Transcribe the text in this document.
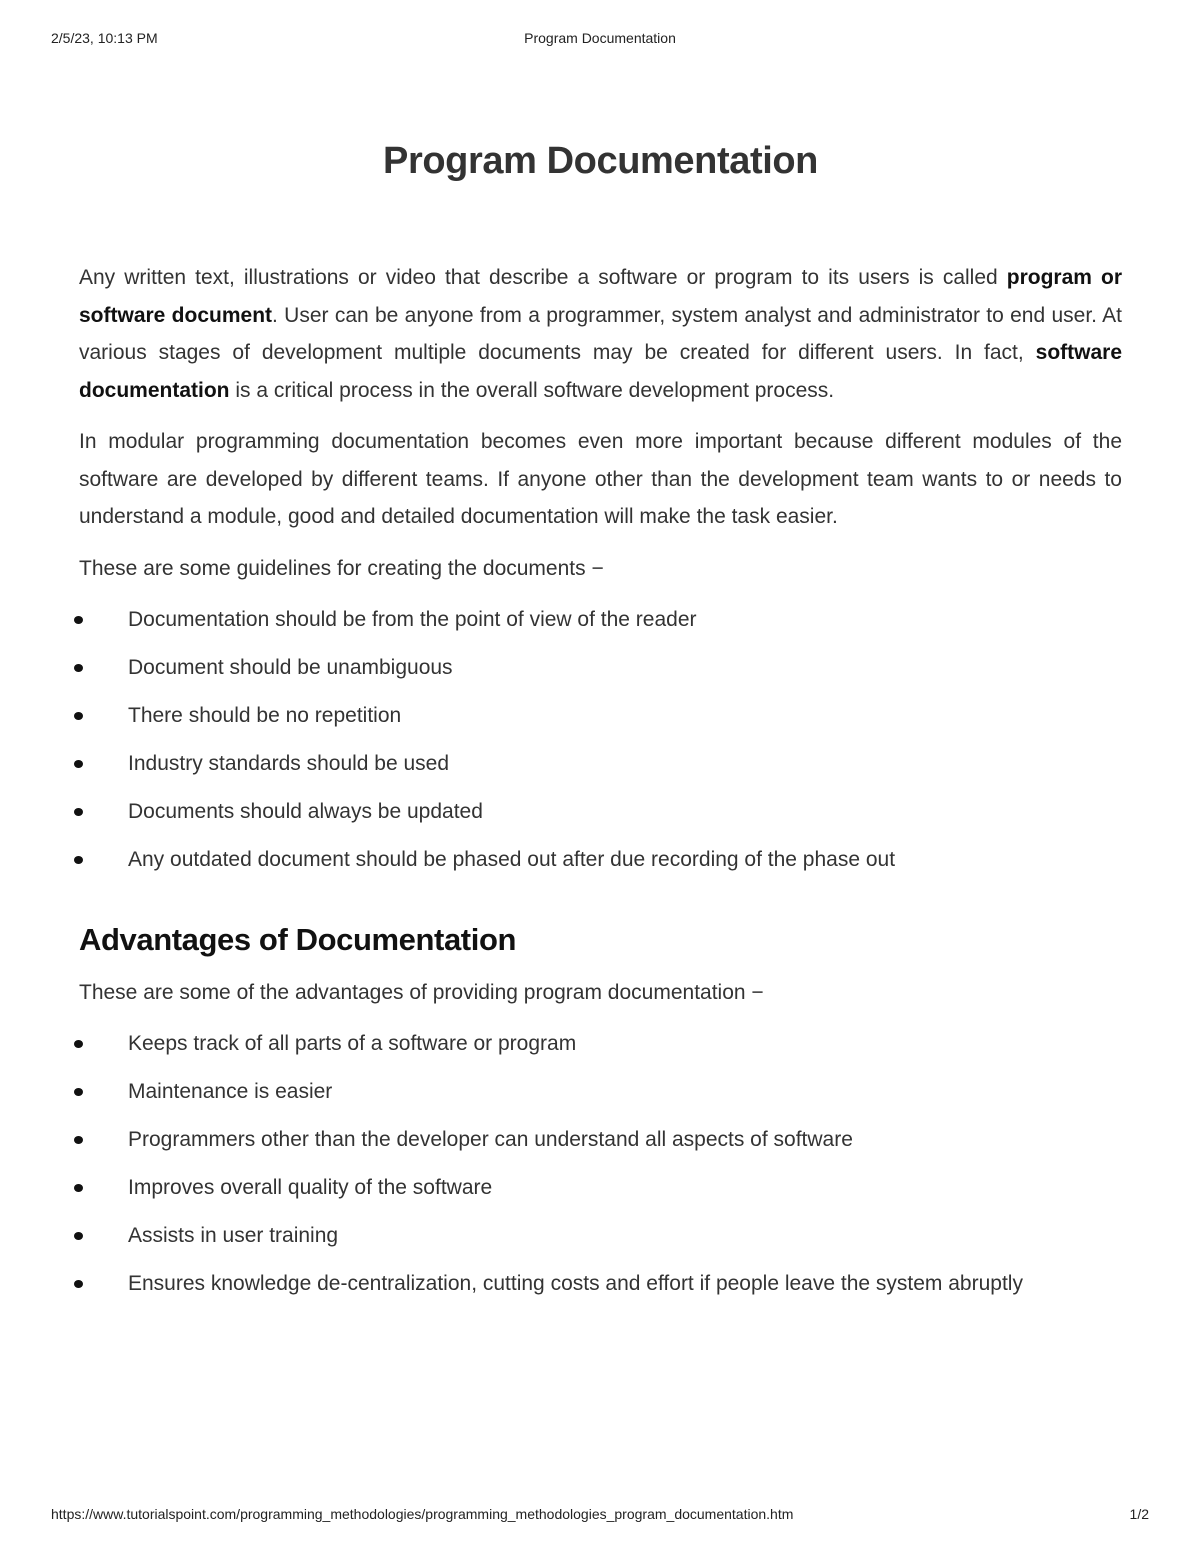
2/5/23, 10:13 PM	Program Documentation
Program Documentation

Any written text, illustrations or video that describe a software or program to its users is called program or software document. User can be anyone from a programmer, system analyst and administrator to end user. At various stages of development multiple documents may be created for different users. In fact, software documentation is a critical process in the overall software development process.

In modular programming documentation becomes even more important because different modules of the software are developed by different teams. If anyone other than the development team wants to or needs to understand a module, good and detailed documentation will make the task easier.

These are some guidelines for creating the documents −

Documentation should be from the point of view of the reader
Document should be unambiguous
There should be no repetition
Industry standards should be used
Documents should always be updated
Any outdated document should be phased out after due recording of the phase out
Advantages of Documentation

These are some of the advantages of providing program documentation −

Keeps track of all parts of a software or program
Maintenance is easier
Programmers other than the developer can understand all aspects of software
Improves overall quality of the software
Assists in user training
Ensures knowledge de-centralization, cutting costs and effort if people leave the system abruptly
https://www.tutorialspoint.com/programming_methodologies/programming_methodologies_program_documentation.htm	1/2
